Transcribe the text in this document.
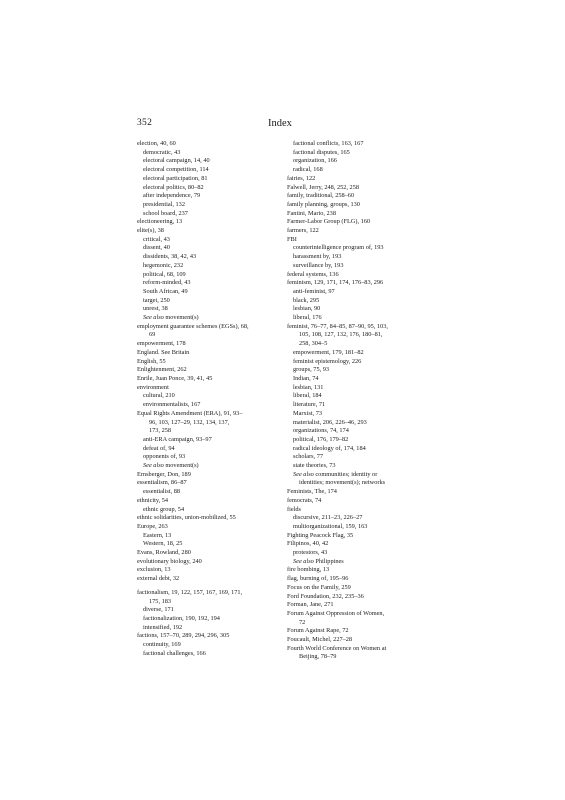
352	Index
election, 40, 60
democratic, 43
electoral campaign, 14, 40
electoral competition, 114
electoral participation, 81
electoral politics, 80–82
after independence, 79
presidential, 132
school board, 237
electioneering, 13
elite(s), 38
critical, 43
dissent, 40
dissidents, 38, 42, 43
hegemonic, 232
political, 68, 109
reform-minded, 43
South African, 49
target, 250
unrest, 38
See also movement(s)
employment guarantee schemes (EGSs), 68,
69
empowerment, 178
England. See Britain
English, 55
Enlightenment, 262
Enrile, Juan Ponce, 39, 41, 45
environment
cultural, 210
environmentalists, 167
Equal Rights Amendment (ERA), 91, 93–
96, 103, 127–29, 132, 134, 137,
173, 258
anti-ERA campaign, 93–97
defeat of, 94
opponents of, 93
See also movement(s)
Ernsberger, Don, 189
essentialism, 86–87
essentialist, 88
ethnicity, 54
ethnic group, 54
ethnic solidarities, union-mobilized, 55
Europe, 263
Eastern, 13
Western, 18, 25
Evans, Rowland, 280
evolutionary biology, 240
exclusion, 13
external debt, 32
factionalism, 19, 122, 157, 167, 169, 171,
175, 183
diverse, 171
factionalization, 190, 192, 194
intensified, 192
factions, 157–70, 289, 294, 296, 305
continuity, 169
factional challenges, 166
factional conflicts, 163, 167
factional disputes, 165
organization, 166
radical, 168
fairies, 122
Falwell, Jerry, 248, 252, 258
family, traditional, 258–60
family planning, groups, 130
Fantini, Mario, 238
Farmer-Labor Group (FLG), 160
farmers, 122
FBI
counterintelligence program of, 193
harassment by, 193
surveillance by, 193
federal systems, 136
feminism, 129, 171, 174, 176–83, 296
anti-feminist, 97
black, 295
lesbian, 90
liberal, 176
feminist, 76–77, 84–85, 87–90, 95, 103,
105, 108, 127, 132, 176, 180–81,
258, 304–5
empowerment, 179, 181–82
feminist epistemology, 226
groups, 75, 93
Indian, 74
lesbian, 131
liberal, 184
literature, 71
Marxist, 73
materialist, 206, 226–46, 293
organizations, 74, 174
political, 176, 179–82
radical ideology of, 174, 184
scholars, 77
state theories, 73
See also communities; identity or
identities; movement(s); networks
Feminists, The, 174
femocrats, 74
fields
discursive, 211–23, 226–27
multiorganizational, 159, 163
Fighting Peacock Flag, 35
Filipinos, 40, 42
protestors, 43
See also Philippines
fire bombing, 13
flag, burning of, 195–96
Focus on the Family, 259
Ford Foundation, 232, 235–36
Forman, Jane, 271
Forum Against Oppression of Women,
72
Forum Against Rape, 72
Foucault, Michel, 227–28
Fourth World Conference on Women at
Beijing, 78–79
